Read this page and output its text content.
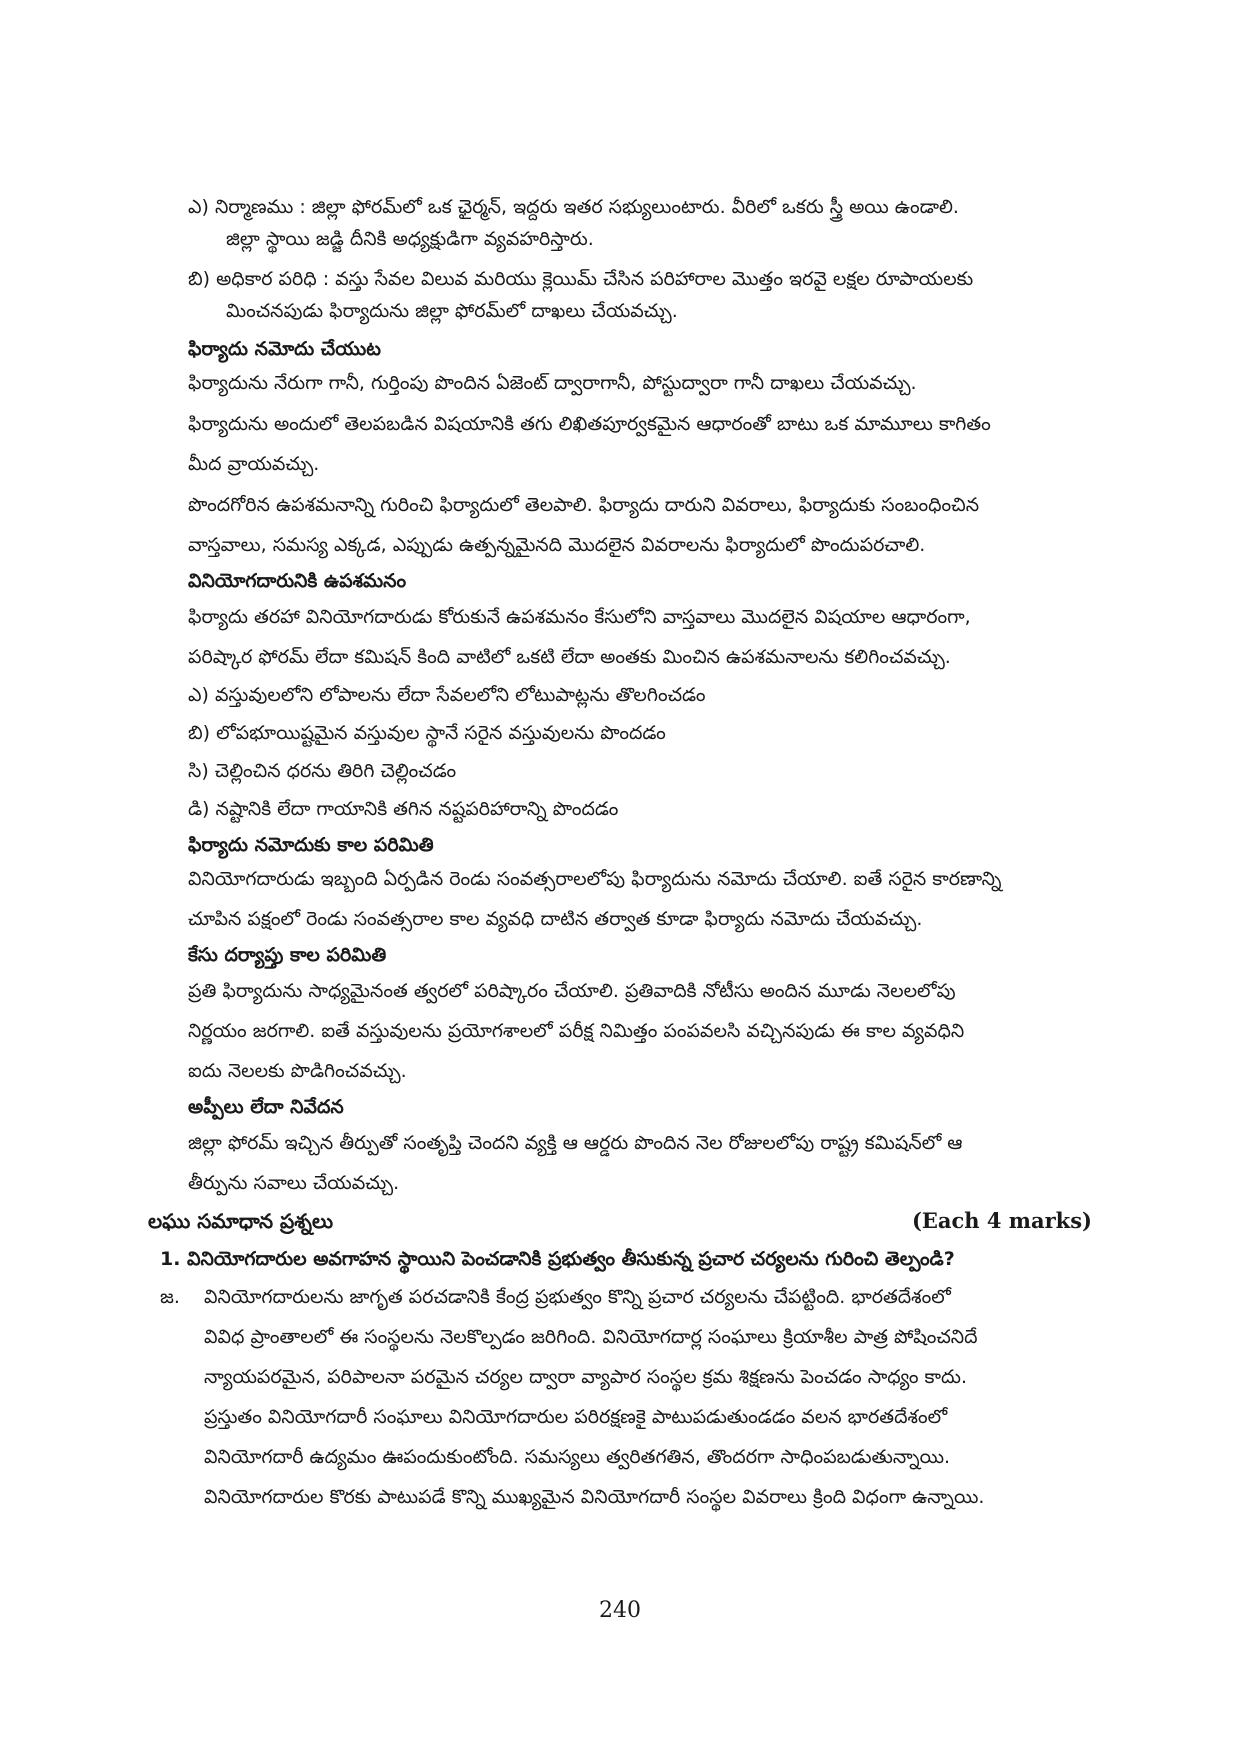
ఎ) నిర్మాణము : జిల్లా ఫోరమ్‌లో ఒక ఛైర్మన్, ఇద్దరు ఇతర సభ్యులుంటారు. వీరిలో ఒకరు స్త్రీ అయి ఉండాలి.
జిల్లా స్థాయి జడ్జి దీనికి అధ్యక్షుడిగా వ్యవహరిస్తారు.
బి) అధికార పరిధి : వస్తు సేవల విలువ మరియు క్లెయిమ్ చేసిన పరిహారాల మొత్తం ఇరవై లక్షల రూపాయలకు
మించనపుడు ఫిర్యాదును జిల్లా ఫోరమ్‌లో దాఖలు చేయవచ్చు.
ఫిర్యాదు నమోదు చేయుట
ఫిర్యాదును నేరుగా గానీ, గుర్తింపు పొందిన ఏజెంట్ ద్వారాగానీ, పోస్టుద్వారా గానీ దాఖలు చేయవచ్చు.
ఫిర్యాదును అందులో తెలపబడిన విషయానికి తగు లిఖితపూర్వకమైన ఆధారంతో బాటు ఒక మామూలు కాగితం
మీద వ్రాయవచ్చు.
పొందగోరిన ఉపశమనాన్ని గురించి ఫిర్యాదులో తెలపాలి. ఫిర్యాదు దారుని వివరాలు, ఫిర్యాదుకు సంబంధించిన
వాస్తవాలు, సమస్య ఎక్కడ, ఎప్పుడు ఉత్పన్నమైనది మొదలైన వివరాలను ఫిర్యాదులో పొందుపరచాలి.
వినియోగదారునికి ఉపశమనం
ఫిర్యాదు తరహా వినియోగదారుడు కోరుకునే ఉపశమనం కేసులోని వాస్తవాలు మొదలైన విషయాల ఆధారంగా,
పరిష్కార ఫోరమ్ లేదా కమిషన్ కింది వాటిలో ఒకటి లేదా అంతకు మించిన ఉపశమనాలను కలిగించవచ్చు.
ఎ) వస్తువులలోని లోపాలను లేదా సేవలలోని లోటుపాట్లను తొలగించడం
బి) లోపభూయిష్టమైన వస్తువుల స్థానే సరైన వస్తువులను పొందడం
సి) చెల్లించిన ధరను తిరిగి చెల్లించడం
డి) నష్టానికి లేదా గాయానికి తగిన నష్టపరిహారాన్ని పొందడం
ఫిర్యాదు నమోదుకు కాల పరిమితి
వినియోగదారుడు ఇబ్బంది ఏర్పడిన రెండు సంవత్సరాలలోపు ఫిర్యాదును నమోదు చేయాలి. ఐతే సరైన కారణాన్ని
చూపిన పక్షంలో రెండు సంవత్సరాల కాల వ్యవధి దాటిన తర్వాత కూడా ఫిర్యాదు నమోదు చేయవచ్చు.
కేసు దర్యాప్తు కాల పరిమితి
ప్రతి ఫిర్యాదును సాధ్యమైనంత త్వరలో పరిష్కారం చేయాలి. ప్రతివాదికి నోటీసు అందిన మూడు నెలలలోపు
నిర్ణయం జరగాలి. ఐతే వస్తువులను ప్రయోగశాలలో పరీక్ష నిమిత్తం పంపవలసి వచ్చినపుడు ఈ కాల వ్యవధిని
ఐదు నెలలకు పొడిగించవచ్చు.
అప్పీలు లేదా నివేదన
జిల్లా ఫోరమ్ ఇచ్చిన తీర్పుతో సంతృప్తి చెందని వ్యక్తి ఆ ఆర్డరు పొందిన నెల రోజులలోపు రాష్ట్ర కమిషన్‌లో ఆ
తీర్పును సవాలు చేయవచ్చు.
లఘు సమాధాన ప్రశ్నలు	(Each 4 marks)
1. వినియోగదారుల అవగాహన స్థాయిని పెంచడానికి ప్రభుత్వం తీసుకున్న ప్రచార చర్యలను గురించి తెల్పండి?
జ. వినియోగదారులను జాగృత పరచడానికి కేంద్ర ప్రభుత్వం కొన్ని ప్రచార చర్యలను చేపట్టింది. భారతదేశంలో
వివిధ ప్రాంతాలలో ఈ సంస్థలను నెలకొల్పడం జరిగింది. వినియోగదార్ల సంఘాలు క్రియాశీల పాత్ర పోషించనిదే
న్యాయపరమైన, పరిపాలనా పరమైన చర్యల ద్వారా వ్యాపార సంస్థల క్రమ శిక్షణను పెంచడం సాధ్యం కాదు.
ప్రస్తుతం వినియోగదారీ సంఘాలు వినియోగదారుల పరిరక్షణకై పాటుపడుతుండడం వలన భారతదేశంలో
వినియోగదారీ ఉద్యమం ఊపందుకుంటోంది. సమస్యలు త్వరితగతిన, తొందరగా సాధింపబడుతున్నాయి.
వినియోగదారుల కొరకు పాటుపడే కొన్ని ముఖ్యమైన వినియోగదారీ సంస్థల వివరాలు క్రింది విధంగా ఉన్నాయి.
240
